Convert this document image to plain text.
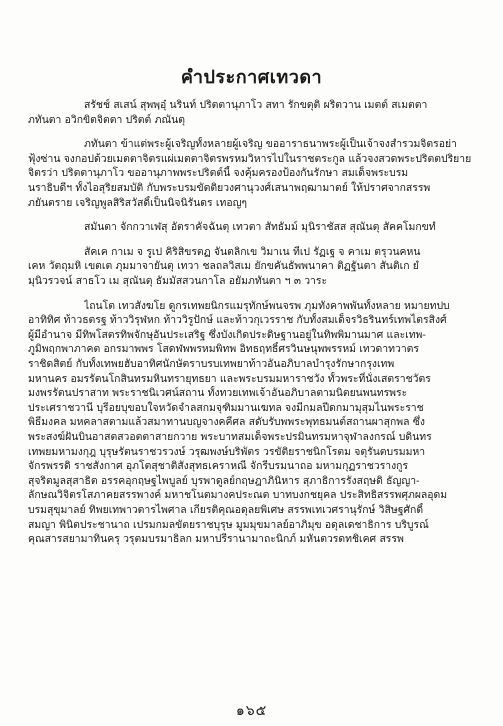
คำประกาศเทวดา
สรัชช์ สเสน์ สุพพฺอุ๋ นรินท์ ปริตตานุภาโว สทา รักขตุติ ผริตวาน เมตต์ สเมตตา
ภทันตา อวิกขิตจิตตา ปริตต์ ภณันตุ
ภทันตา ข้าแต่พระผู้เจริญทั้งหลายผู้เจริญ ขออาราธนาพระผู้เป็นเจ้าจงสำรวมจิตรอย่า
ฟุ้งซ่าน จงกอปด้วยเมตตาจิตรแผ่เมตตาจิตรพรหมวิหารไปในราชตระกูล แล้วจงสวดพระปริตตปริยาย
จิตรว่า ปริตตานุภาโว ขออานุภาพพระปริตต์นี้ จงคุ้มครองป้องกันรักษา สมเด็จพระบรม
นราธิบดีฯ ทั้งไอสุริยสมบัติ กับพระบรมขัตติยวงศานุวงศ์เสนาพฤฒามาตย์ ให้ปราศจากสรรพ
ภยันตราย เจริญพูลสิริสวัสดิ์เป็นนิจนิรันดร เทอญๆ
สมันตา จักกวาเฬสุ อัตราคัจฉันตุ เทวตา สัทธัมม์ มุนิราชัสส สุณันตุ สัคคโมกขทํ
สัคเค กาเม จ รูเป คิริสิขรตฏ จันตลิกเข วิมาเน ทีเป รัฏเฐ จ คาเม ตรุวนคหน
เคห วัตถุมหิ เขตเต ภุมมาจายันตุ เทวา ชลถลวิสเม ยักขคันธัพพนาคา ติฏฐันตา สันติเก ยํ
มุนิวรวจน์ สาธโว เม สุณันตุ ธัมมัสสวนกาโล อยัมภทันตา ฯ ๓ วาระ
ไถนโต เทวสังฆโย ดูกรเทพยนิกรแมรุทักษ์พนจรพ ภุมทังคาพพันทั้งหลาย หมายทปบ
อาทิทิศ ท้าวธตรฐ ท้าววิรุฬหก ท้าววิรูปักษ์ และท้าวกุเวรราช กับทั้งสมเด็จรวิธรินทร์เทพไตรสิงศ์
ผู้มีอำนาจ มีทิพโสตรทิพจักษุอันประเสริฐ ซึ่งบังเกิดประดิษฐานอยู่ในทิพพิมานมาศ และเทพ-
ภูมิพฤกพาภาคต อกรมาพพร โสดฬพพรหมพิทพ อิทธฤทธิ์ศรวินษนุพพรรหม์ เทวดาทวาตร
ราชิดสิตย์ กับทั้งเทพยฮับอาทิศนักษัตราบรบเทพยาท้าวอันอภิบาลบำรุงรักษากรุงเทพ
มหานคร อมรรัตนโกสินทรมหินทรายุทธยา และพระบรมมหาราชวัง ทั้วพระที่นั่งเสตราชวัตร
มงพรรัตนปราสาท พระราชนิเวศน์สถาน ทั้งทวยเทพเจ้าอันอภิบาลตามนิตยนพนทรพระ
ประเศราชวานี บุรีอยบุขอบใจหวัดจำลสกมจุฑิมมานเฆทล จงมีกมลปีดกมามุสุมไนพระราช
พิธีมงคล มหคลาสตามแล้วสมาทานบญจางคคีศล สดับรับพพระพุทธมนต์สถานผาสุกพล ซึ่ง
พระสงฆ์ฝันบินอาสตสวอตตาสายกวาย พระบาทสมเด็จพระปรมินทรมหาจุฬาลงกรณ์ บดินทร
เทพยมหามงกุฎ บุรุษรัตนราชวรวงษ์ วรุฒพงษ์บริพัตร วรขัติยราชนิกโรตม จตุรันตบรมมหา
จักรพรรดิ ราชสังกาศ อุภโตสุชาติสังสุทธเคราหณี จักรีบรมนาถอ มหามกุฏราชวรางกูร
สุจริตมูลสุสาธิต อรรคอุกฤษฐไพบูลย์ บุรพาดูลย์กฤษฎาภินิหาร สุภาธิการรังสฤษดิ ธัญญา-
ลักษณวิจิตรโสภาคยสรรพางค์ มหาชโนตมางคประณต บาทบงกชยุคล ประสิทธิสรรพศุภผลอุดม
บรมสุขุมาลย์ ทิพยเทพาวตารไพศาล เกียรติคุณอดุลยพิเศษ สรรพเทเวศรานุรักษ์ วิสิษฐศักดิ์
สมญา พินิตประชานาถ เปรมกมลขัตยราชบุรุษ มูมมุขมาลย์อาภิมุข อดุลเดชาธิการ บริบูรณ์
คุณสารสยามาทินครุ วรุตมบรมาธิลก มหาปรีรานามาถะนิกภ์ มหันตวรดทชิเคศ สรรพ
๑๖๕
